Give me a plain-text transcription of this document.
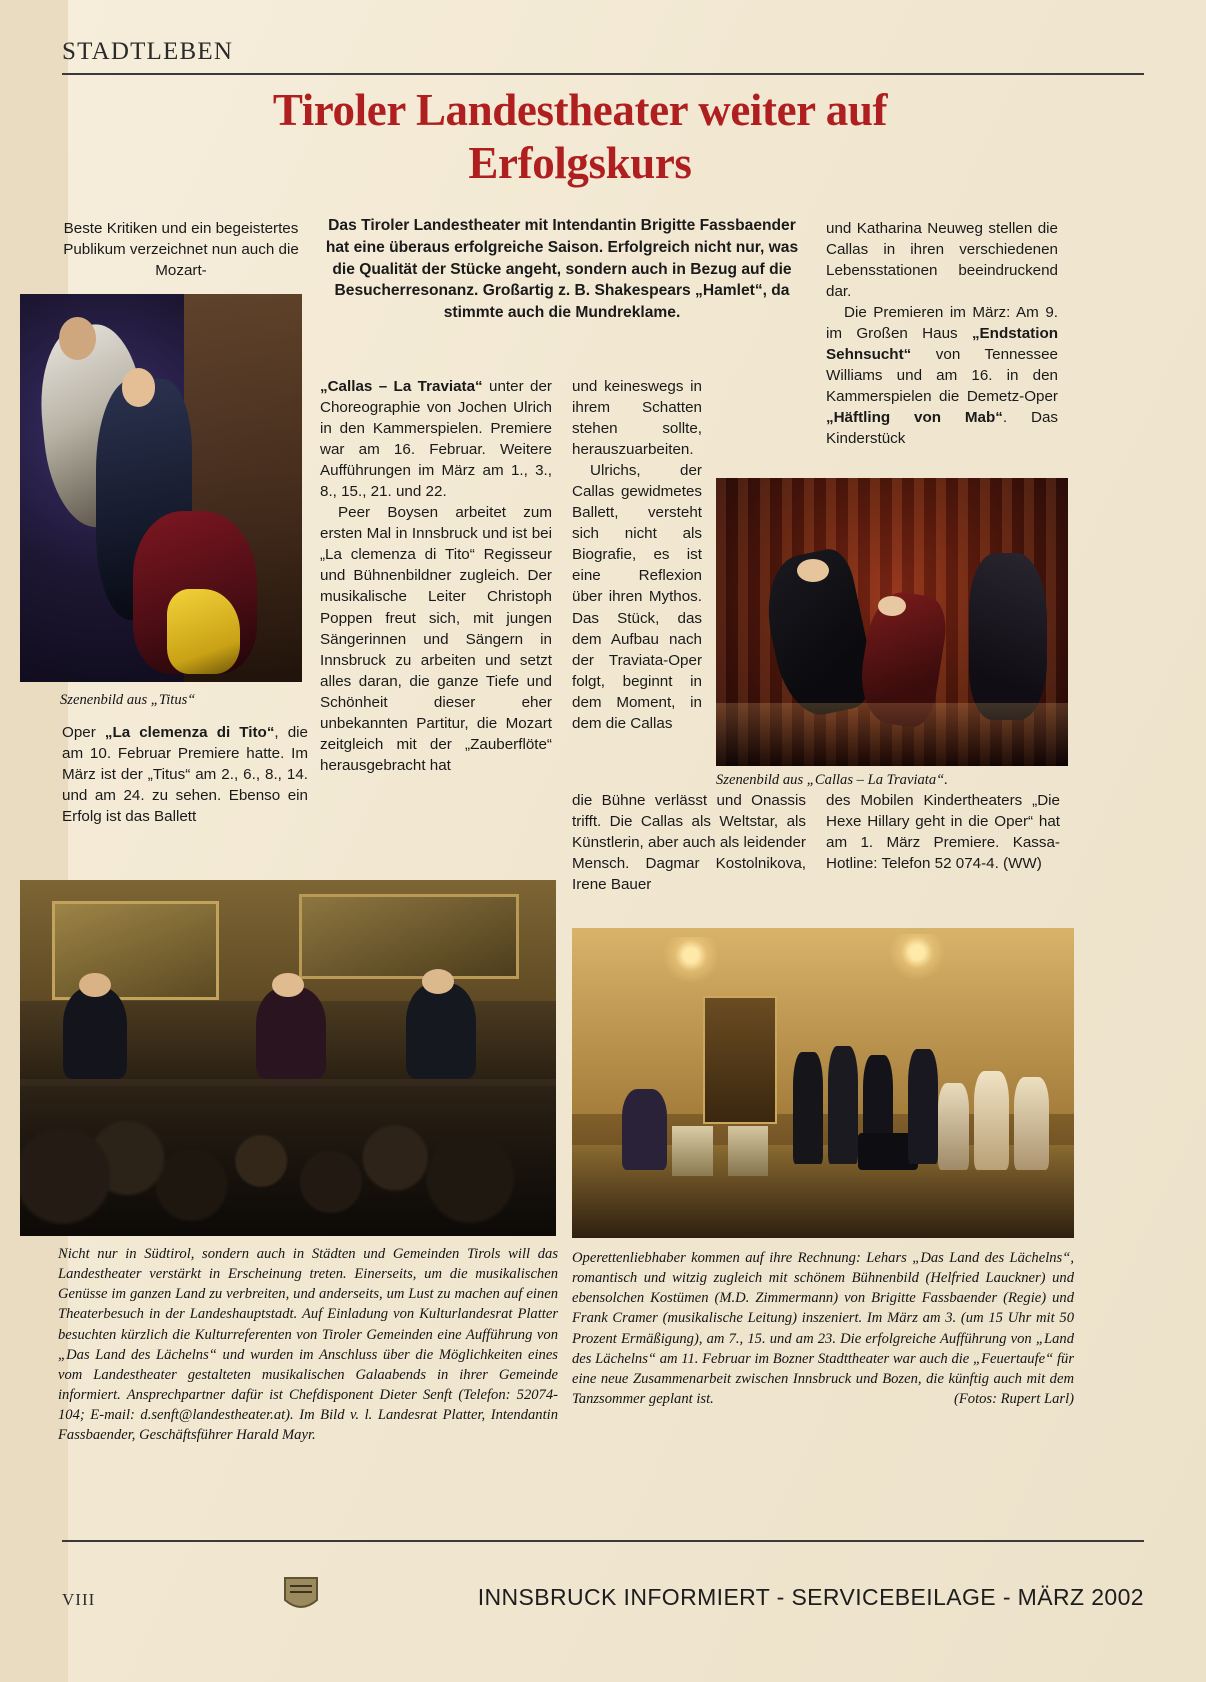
STADTLEBEN
Tiroler Landestheater weiter auf Erfolgskurs
Das Tiroler Landestheater mit Intendantin Brigitte Fassbaender hat eine überaus erfolgreiche Saison. Erfolgreich nicht nur, was die Qualität der Stücke angeht, sondern auch in Bezug auf die Besucherresonanz. Großartig z. B. Shakespears „Hamlet“, da stimmte auch die Mundreklame.

Beste Kritiken und ein begeistertes Publikum verzeichnet nun auch die Mozart-

Szenenbild aus „Titus“

Oper „La clemenza di Tito“, die am 10. Februar Premiere hatte. Im März ist der „Titus“ am 2., 6., 8., 14. und am 24. zu sehen. Ebenso ein Erfolg ist das Ballett

„Callas – La Traviata“ unter der Choreographie von Jochen Ulrich in den Kammerspielen. Premiere war am 16. Februar. Weitere Aufführungen im März am 1., 3., 8., 15., 21. und 22.

Peer Boysen arbeitet zum ersten Mal in Innsbruck und ist bei „La clemenza di Tito“ Regisseur und Bühnenbildner zugleich. Der musikalische Leiter Christoph Poppen freut sich, mit jungen Sängerinnen und Sängern in Innsbruck zu arbeiten und setzt alles daran, die ganze Tiefe und Schönheit dieser eher unbekannten Partitur, die Mozart zeitgleich mit der „Zauberflöte“ herausgebracht hat

und keineswegs in ihrem Schatten stehen sollte, herauszuarbeiten.

Ulrichs, der Callas gewidmetes Ballett, versteht sich nicht als Biografie, es ist eine Reflexion über ihren Mythos. Das Stück, das dem Aufbau nach der Traviata-Oper folgt, beginnt in dem Moment, in dem die Callas

Szenenbild aus „Callas – La Traviata“.

die Bühne verlässt und Onassis trifft. Die Callas als Weltstar, als Künstlerin, aber auch als leidender Mensch. Dagmar Kostolnikova, Irene Bauer

und Katharina Neuweg stellen die Callas in ihren verschiedenen Lebensstationen beeindruckend dar.

Die Premieren im März: Am 9. im Großen Haus „Endstation Sehnsucht“ von Tennessee Williams und am 16. in den Kammerspielen die Demetz-Oper „Häftling von Mab“. Das Kinderstück

des Mobilen Kindertheaters „Die Hexe Hillary geht in die Oper“ hat am 1. März Premiere. Kassa-Hotline: Telefon 52 074-4. (WW)

Nicht nur in Südtirol, sondern auch in Städten und Gemeinden Tirols will das Landestheater verstärkt in Erscheinung treten. Einerseits, um die musikalischen Genüsse im ganzen Land zu verbreiten, und anderseits, um Lust zu machen auf einen Theaterbesuch in der Landeshauptstadt. Auf Einladung von Kulturlandesrat Platter besuchten kürzlich die Kulturreferenten von Tiroler Gemeinden eine Aufführung von „Das Land des Lächelns“ und wurden im Anschluss über die Möglichkeiten eines vom Landestheater gestalteten musikalischen Galaabends in ihrer Gemeinde informiert. Ansprechpartner dafür ist Chefdisponent Dieter Senft (Telefon: 52074-104; E-mail: d.senft@landestheater.at). Im Bild v. l. Landesrat Platter, Intendantin Fassbaender, Geschäftsführer Harald Mayr.
Operettenliebhaber kommen auf ihre Rechnung: Lehars „Das Land des Lächelns“, romantisch und witzig zugleich mit schönem Bühnenbild (Helfried Lauckner) und ebensolchen Kostümen (M.D. Zimmermann) von Brigitte Fassbaender (Regie) und Frank Cramer (musikalische Leitung) inszeniert. Im März am 3. (um 15 Uhr mit 50 Prozent Ermäßigung), am 7., 15. und am 23. Die erfolgreiche Aufführung von „Land des Lächelns“ am 11. Februar im Bozner Stadttheater war auch die „Feuertaufe“ für eine neue Zusammenarbeit zwischen Innsbruck und Bozen, die künftig auch mit dem Tanzsommer geplant ist.	(Fotos: Rupert Larl)
VIII	INNSBRUCK INFORMIERT - SERVICEBEILAGE - MÄRZ 2002
